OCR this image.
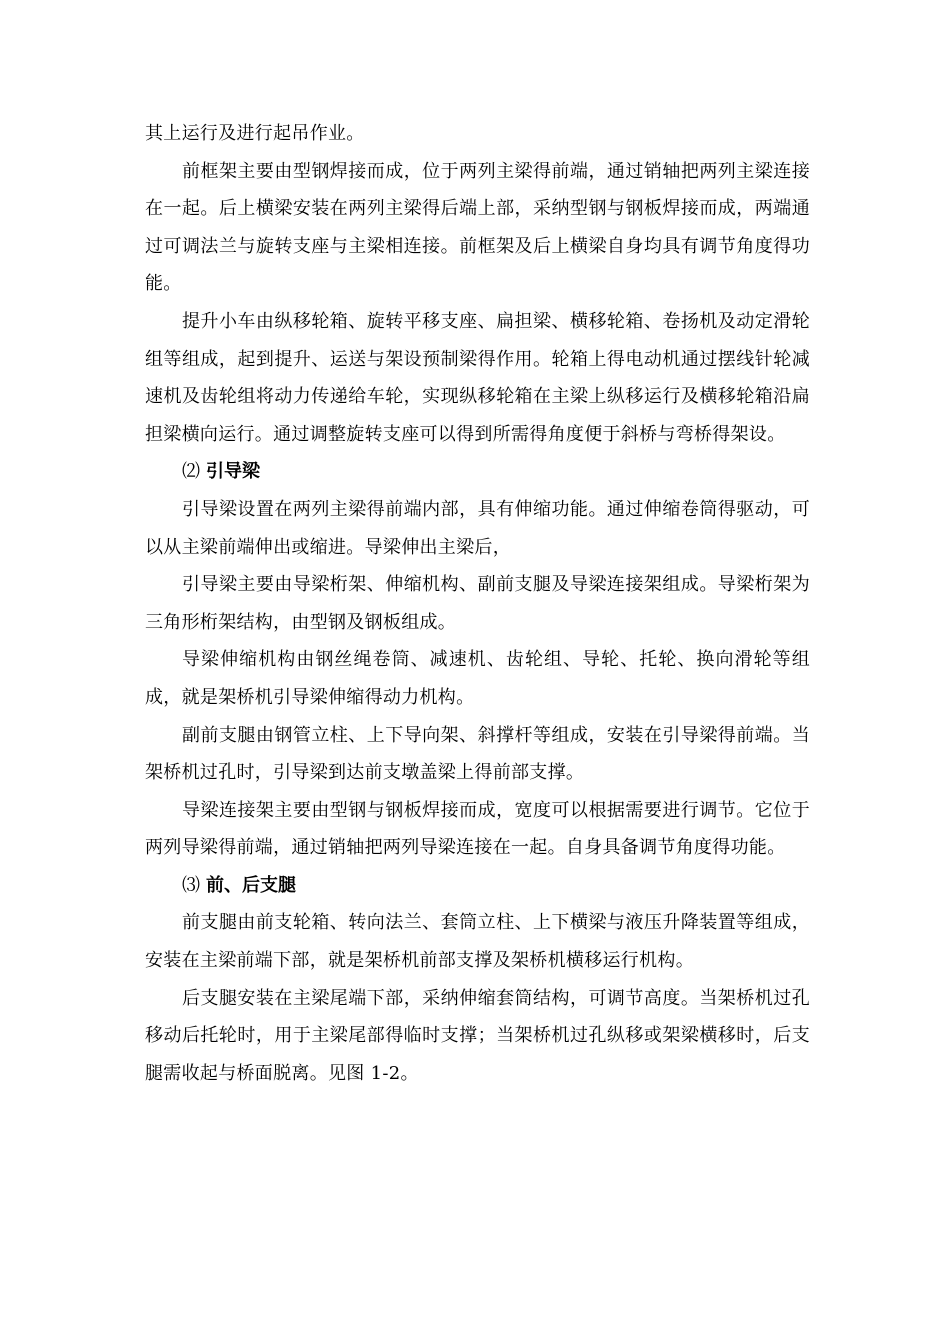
其上运行及进行起吊作业。

前框架主要由型钢焊接而成，位于两列主梁得前端，通过销轴把两列主梁连接在一起。后上横梁安装在两列主梁得后端上部，采纳型钢与钢板焊接而成，两端通过可调法兰与旋转支座与主梁相连接。前框架及后上横梁自身均具有调节角度得功能。

提升小车由纵移轮箱、旋转平移支座、扁担梁、横移轮箱、卷扬机及动定滑轮组等组成，起到提升、运送与架设预制梁得作用。轮箱上得电动机通过摆线针轮减速机及齿轮组将动力传递给车轮，实现纵移轮箱在主梁上纵移运行及横移轮箱沿扁担梁横向运行。通过调整旋转支座可以得到所需得角度便于斜桥与弯桥得架设。

⑵ 引导梁

引导梁设置在两列主梁得前端内部，具有伸缩功能。通过伸缩卷筒得驱动，可以从主梁前端伸出或缩进。导梁伸出主梁后，

引导梁主要由导梁桁架、伸缩机构、副前支腿及导梁连接架组成。导梁桁架为三角形桁架结构，由型钢及钢板组成。

导梁伸缩机构由钢丝绳卷筒、减速机、齿轮组、导轮、托轮、换向滑轮等组成，就是架桥机引导梁伸缩得动力机构。

副前支腿由钢管立柱、上下导向架、斜撑杆等组成，安装在引导梁得前端。当架桥机过孔时，引导梁到达前支墩盖梁上得前部支撑。

导梁连接架主要由型钢与钢板焊接而成，宽度可以根据需要进行调节。它位于两列导梁得前端，通过销轴把两列导梁连接在一起。自身具备调节角度得功能。

⑶ 前、后支腿

前支腿由前支轮箱、转向法兰、套筒立柱、上下横梁与液压升降装置等组成，安装在主梁前端下部，就是架桥机前部支撑及架桥机横移运行机构。

后支腿安装在主梁尾端下部，采纳伸缩套筒结构，可调节高度。当架桥机过孔移动后托轮时，用于主梁尾部得临时支撑；当架桥机过孔纵移或架梁横移时，后支腿需收起与桥面脱离。见图 1-2。
